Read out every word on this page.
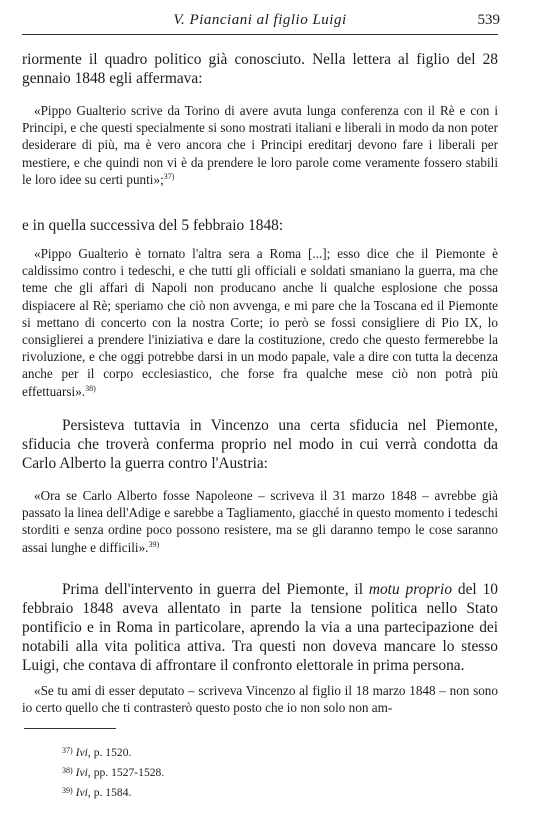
V. Pianciani al figlio Luigi	539

riormente il quadro politico già conosciuto. Nella lettera al figlio del 28 gennaio 1848 egli affermava:

«Pippo Gualterio scrive da Torino di avere avuta lunga conferenza con il Rè e con i Principi, e che questi specialmente si sono mostrati italiani e liberali in modo da non poter desiderare di più, ma è vero ancora che i Principi ereditarj devono fare i liberali per mestiere, e che quindi non vi è da prendere le loro parole come veramente fossero stabili le loro idee su certi punti»;$^{37)}$

e in quella successiva del 5 febbraio 1848:

«Pippo Gualterio è tornato l'altra sera a Roma [...]; esso dice che il Piemonte è caldissimo contro i tedeschi, e che tutti gli officiali e soldati smaniano la guerra, ma che teme che gli affari di Napoli non producano anche li qualche esplosione che possa dispiacere al Rè; speriamo che ciò non avvenga, e mi pare che la Toscana ed il Piemonte si mettano di concerto con la nostra Corte; io però se fossi consigliere di Pio IX, lo consiglierei a prendere l'iniziativa e dare la costituzione, credo che questo fermerebbe la rivoluzione, e che oggi potrebbe darsi in un modo papale, vale a dire con tutta la decenza anche per il corpo ecclesiastico, che forse fra qualche mese ciò non potrà più effettuarsi».$^{38)}$

Persisteva tuttavia in Vincenzo una certa sfiducia nel Piemonte, sfiducia che troverà conferma proprio nel modo in cui verrà condotta da Carlo Alberto la guerra contro l'Austria:

«Ora se Carlo Alberto fosse Napoleone – scriveva il 31 marzo 1848 – avrebbe già passato la linea dell'Adige e sarebbe a Tagliamento, giacché in questo momento i tedeschi storditi e senza ordine poco possono resistere, ma se gli daranno tempo le cose saranno assai lunghe e difficili».$^{39)}$

Prima dell'intervento in guerra del Piemonte, il motu proprio del 10 febbraio 1848 aveva allentato in parte la tensione politica nello Stato pontificio e in Roma in particolare, aprendo la via a una partecipazione dei notabili alla vita politica attiva. Tra questi non doveva mancare lo stesso Luigi, che contava di affrontare il confronto elettorale in prima persona.

«Se tu ami di esser deputato – scriveva Vincenzo al figlio il 18 marzo 1848 – non sono io certo quello che ti contrasterò questo posto che io non solo non am-

$^{37)}$ Ivi, p. 1520.

$^{38)}$ Ivi, pp. 1527-1528.

$^{39)}$ Ivi, p. 1584.
